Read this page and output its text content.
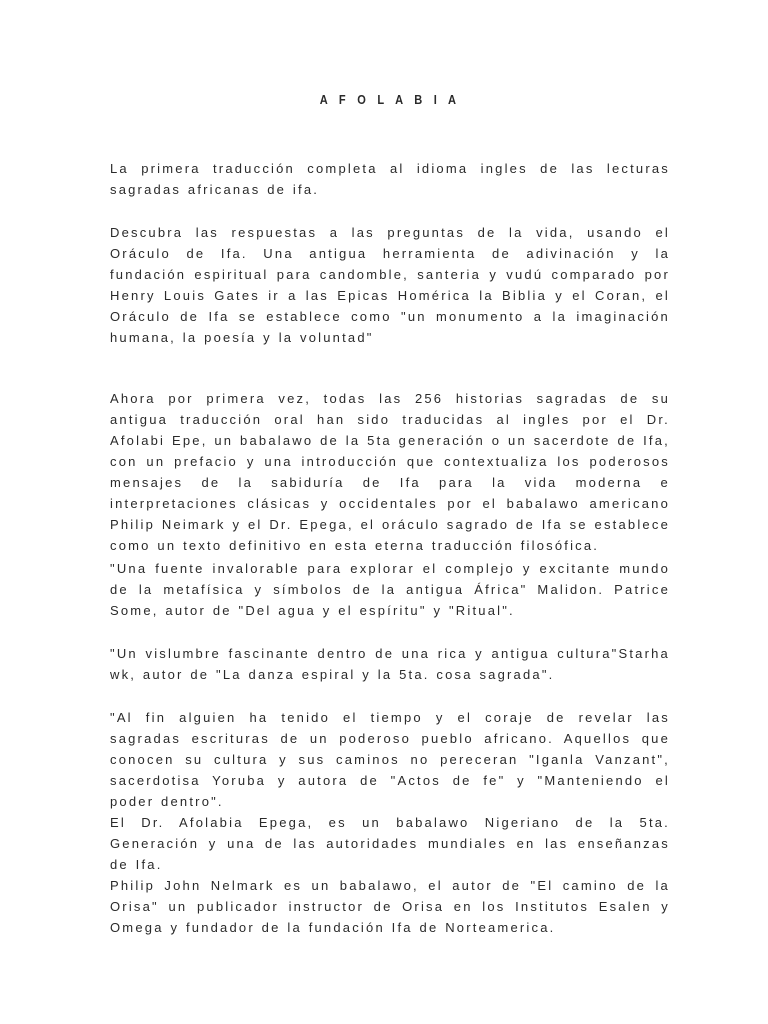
A F O L A B I A
La primera traducción completa al idioma ingles de las lecturas sagradas africanas de ifa.
Descubra las respuestas a las preguntas de la vida, usando el Oráculo de Ifa. Una antigua herramienta de adivinación y la fundación espiritual para candomble, santeria y vudú comparado por Henry Louis Gates ir a las Epicas Homérica la Biblia y el Coran, el Oráculo de Ifa se establece como "un monumento a la imaginación humana, la poesía y la voluntad"
Ahora por primera vez, todas las 256 historias sagradas de su antigua traducción oral han sido traducidas al ingles por el Dr. Afolabi Epe, un babalawo de la 5ta generación o un sacerdote de Ifa, con un prefacio y una introducción que contextualiza los poderosos mensajes de la sabiduría de Ifa para la vida moderna e interpretaciones clásicas y occidentales por el babalawo americano Philip Neimark y el Dr. Epega, el oráculo sagrado de Ifa se establece como un texto definitivo en esta eterna traducción filosófica.
"Una fuente invalorable para explorar el complejo y excitante mundo de la metafísica y símbolos de la antigua África" Malidon. Patrice Some, autor de "Del agua y el espíritu" y "Ritual".
"Un vislumbre fascinante dentro de una rica y antigua cultura"Starha wk, autor de "La danza espiral y la 5ta. cosa sagrada".
"Al fin alguien ha tenido el tiempo y el coraje de revelar las sagradas escrituras de un poderoso pueblo africano. Aquellos que conocen su cultura y sus caminos no pereceran "Iganla Vanzant", sacerdotisa Yoruba y autora de "Actos de fe" y "Manteniendo el poder dentro".
El Dr. Afolabia Epega, es un babalawo Nigeriano de la 5ta. Generación y una de las autoridades mundiales en las enseñanzas de Ifa.
Philip John Nelmark es un babalawo, el autor de "El camino de la Orisa" un publicador instructor de Orisa en los Institutos Esalen y Omega y fundador de la fundación Ifa de Norteamerica.
